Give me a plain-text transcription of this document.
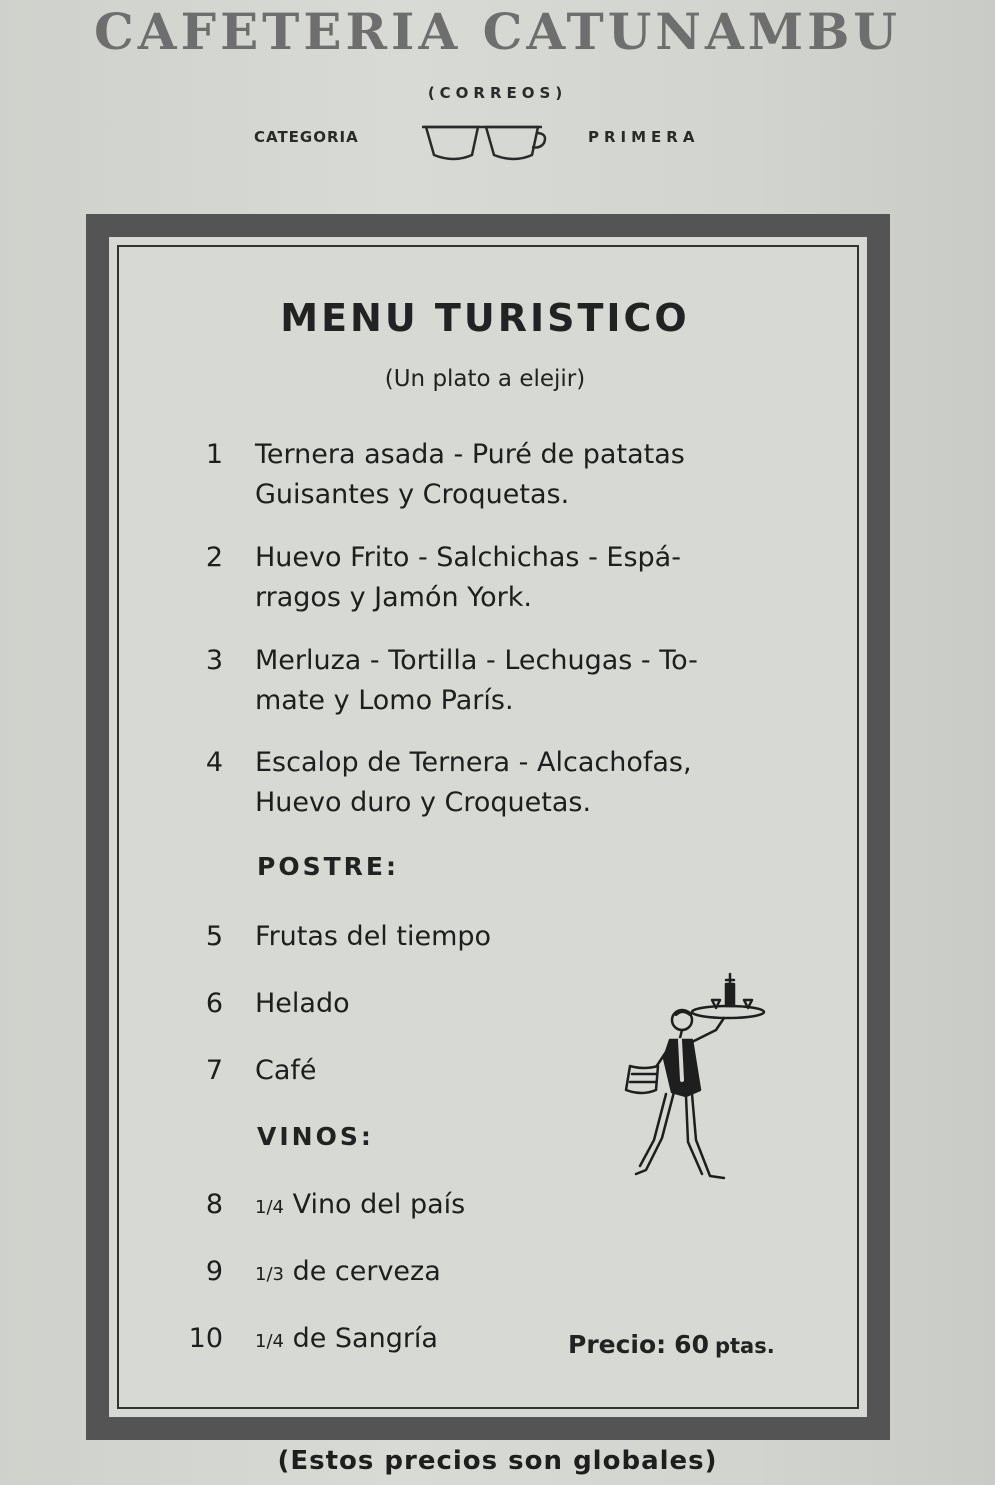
CAFETERIA CATUNAMBU
(CORREOS)
CATEGORIA	PRIMERA
MENU TURISTICO
(Un plato a elejir)
1 Ternera asada - Puré de patatas
Guisantes y Croquetas.
2 Huevo Frito - Salchichas - Espá-
rragos y Jamón York.
3 Merluza - Tortilla - Lechugas - To-
mate y Lomo París.
4 Escalop de Ternera - Alcachofas,
Huevo duro y Croquetas.
POSTRE:
5 Frutas del tiempo
6 Helado
7 Café
VINOS:
8 1/4 Vino del país
9 1/3 de cerveza
10 1/4 de Sangría	Precio: 60 ptas.
(Estos precios son globales)
